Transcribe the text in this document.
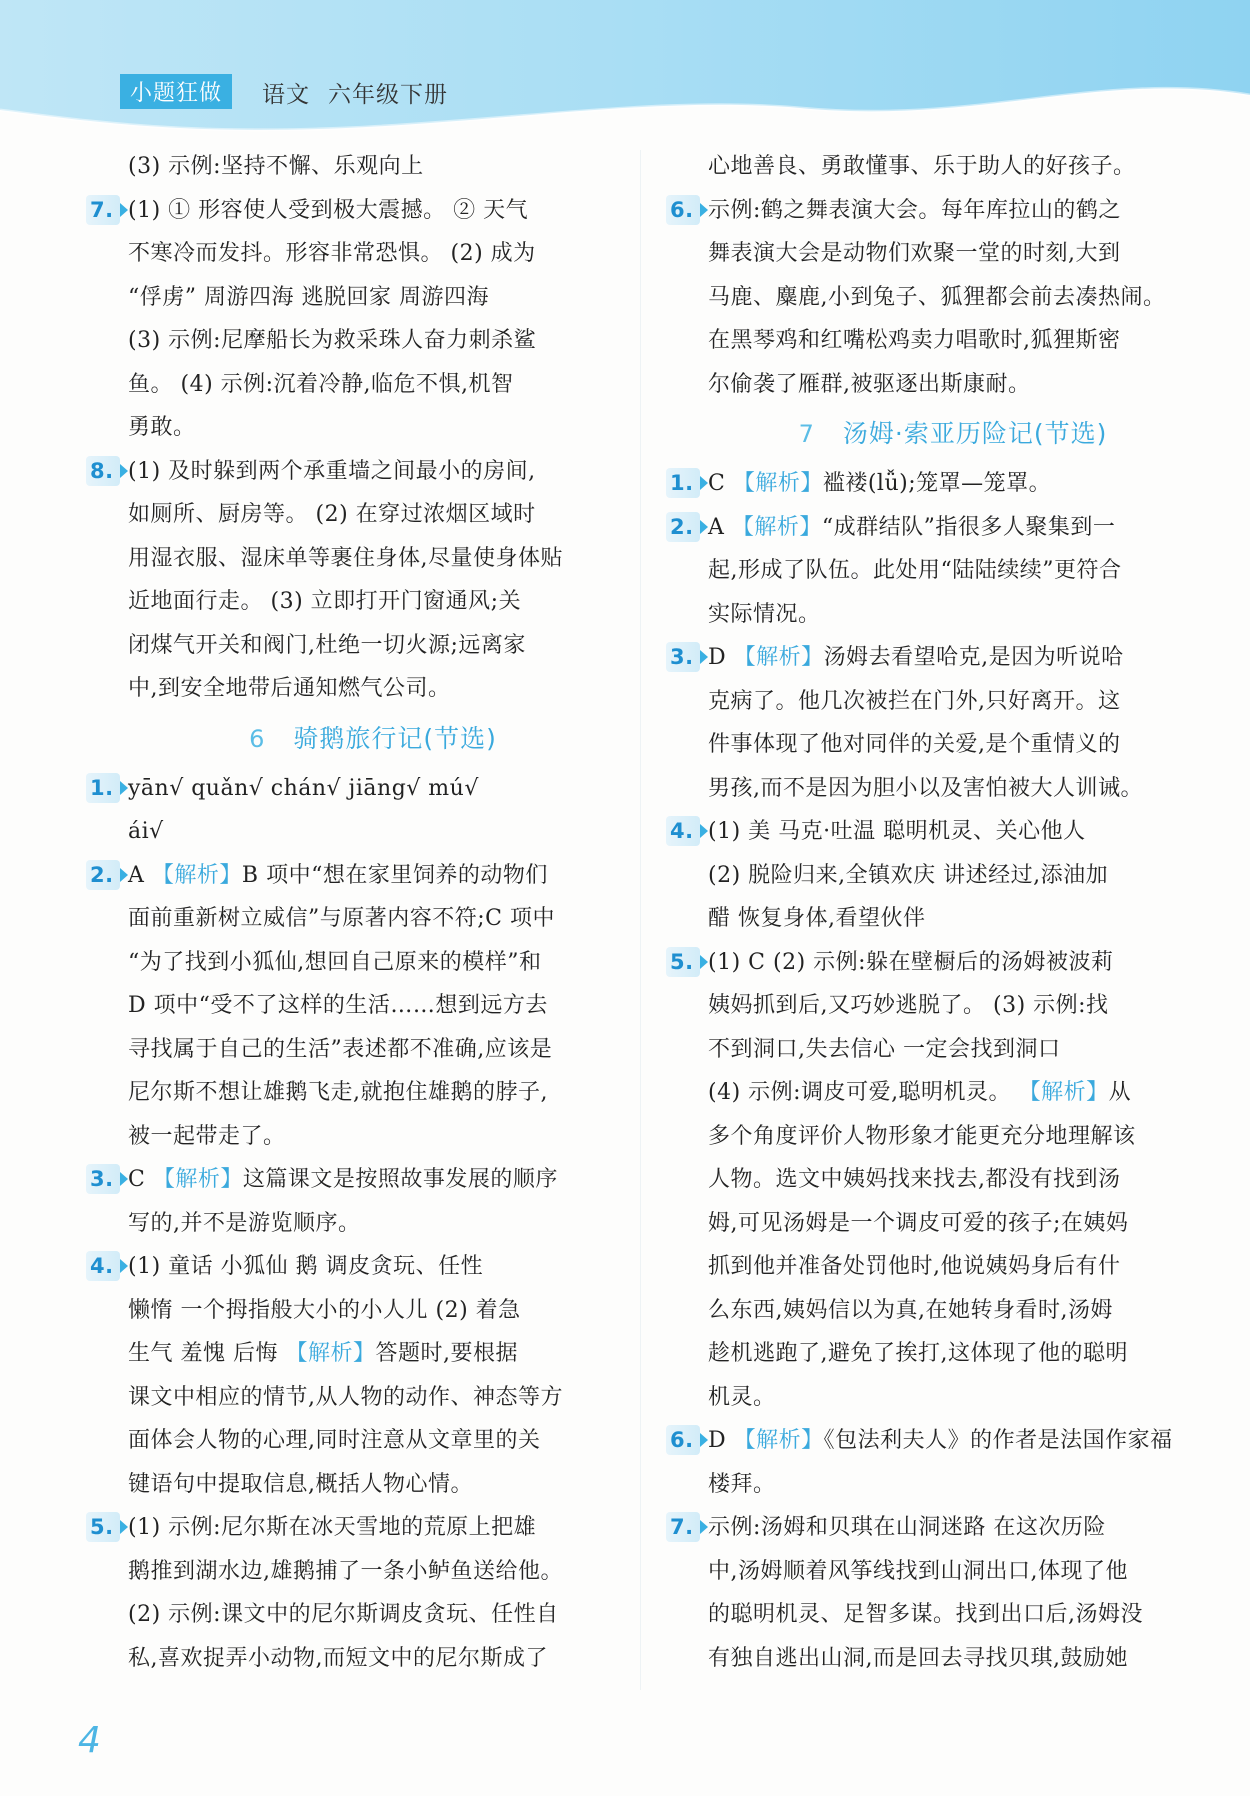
小题狂做	语文 六年级下册
(3) 示例:坚持不懈、乐观向上
7. (1) ① 形容使人受到极大震撼。 ② 天气
不寒冷而发抖。形容非常恐惧。 (2) 成为
“俘虏” 周游四海 逃脱回家 周游四海
(3) 示例:尼摩船长为救采珠人奋力刺杀鲨
鱼。 (4) 示例:沉着冷静,临危不惧,机智
勇敢。
8. (1) 及时躲到两个承重墙之间最小的房间,
如厕所、厨房等。 (2) 在穿过浓烟区域时
用湿衣服、湿床单等裹住身体,尽量使身体贴
近地面行走。 (3) 立即打开门窗通风;关
闭煤气开关和阀门,杜绝一切火源;远离家
中,到安全地带后通知燃气公司。
6 骑鹅旅行记(节选)
1. yān√ quǎn√ chán√ jiāng√ mú√
ái√
2. A 【解析】B 项中“想在家里饲养的动物们
面前重新树立威信”与原著内容不符;C 项中
“为了找到小狐仙,想回自己原来的模样”和
D 项中“受不了这样的生活……想到远方去
寻找属于自己的生活”表述都不准确,应该是
尼尔斯不想让雄鹅飞走,就抱住雄鹅的脖子,
被一起带走了。
3. C 【解析】这篇课文是按照故事发展的顺序
写的,并不是游览顺序。
4. (1) 童话 小狐仙 鹅 调皮贪玩、任性
懒惰 一个拇指般大小的小人儿 (2) 着急
生气 羞愧 后悔 【解析】答题时,要根据
课文中相应的情节,从人物的动作、神态等方
面体会人物的心理,同时注意从文章里的关
键语句中提取信息,概括人物心情。
5. (1) 示例:尼尔斯在冰天雪地的荒原上把雄
鹅推到湖水边,雄鹅捕了一条小鲈鱼送给他。
(2) 示例:课文中的尼尔斯调皮贪玩、任性自
私,喜欢捉弄小动物,而短文中的尼尔斯成了
心地善良、勇敢懂事、乐于助人的好孩子。
6. 示例:鹤之舞表演大会。每年库拉山的鹤之
舞表演大会是动物们欢聚一堂的时刻,大到
马鹿、麋鹿,小到兔子、狐狸都会前去凑热闹。
在黑琴鸡和红嘴松鸡卖力唱歌时,狐狸斯密
尔偷袭了雁群,被驱逐出斯康耐。
7 汤姆·索亚历险记(节选)
1. C 【解析】褴褛(lǚ);笼罩—笼罩。
2. A 【解析】“成群结队”指很多人聚集到一
起,形成了队伍。此处用“陆陆续续”更符合
实际情况。
3. D 【解析】汤姆去看望哈克,是因为听说哈
克病了。他几次被拦在门外,只好离开。这
件事体现了他对同伴的关爱,是个重情义的
男孩,而不是因为胆小以及害怕被大人训诫。
4. (1) 美 马克·吐温 聪明机灵、关心他人
(2) 脱险归来,全镇欢庆 讲述经过,添油加
醋 恢复身体,看望伙伴
5. (1) C (2) 示例:躲在壁橱后的汤姆被波莉
姨妈抓到后,又巧妙逃脱了。 (3) 示例:找
不到洞口,失去信心 一定会找到洞口
(4) 示例:调皮可爱,聪明机灵。 【解析】从
多个角度评价人物形象才能更充分地理解该
人物。选文中姨妈找来找去,都没有找到汤
姆,可见汤姆是一个调皮可爱的孩子;在姨妈
抓到他并准备处罚他时,他说姨妈身后有什
么东西,姨妈信以为真,在她转身看时,汤姆
趁机逃跑了,避免了挨打,这体现了他的聪明
机灵。
6. D 【解析】《包法利夫人》的作者是法国作家福
楼拜。
7. 示例:汤姆和贝琪在山洞迷路 在这次历险
中,汤姆顺着风筝线找到山洞出口,体现了他
的聪明机灵、足智多谋。找到出口后,汤姆没
有独自逃出山洞,而是回去寻找贝琪,鼓励她
4
